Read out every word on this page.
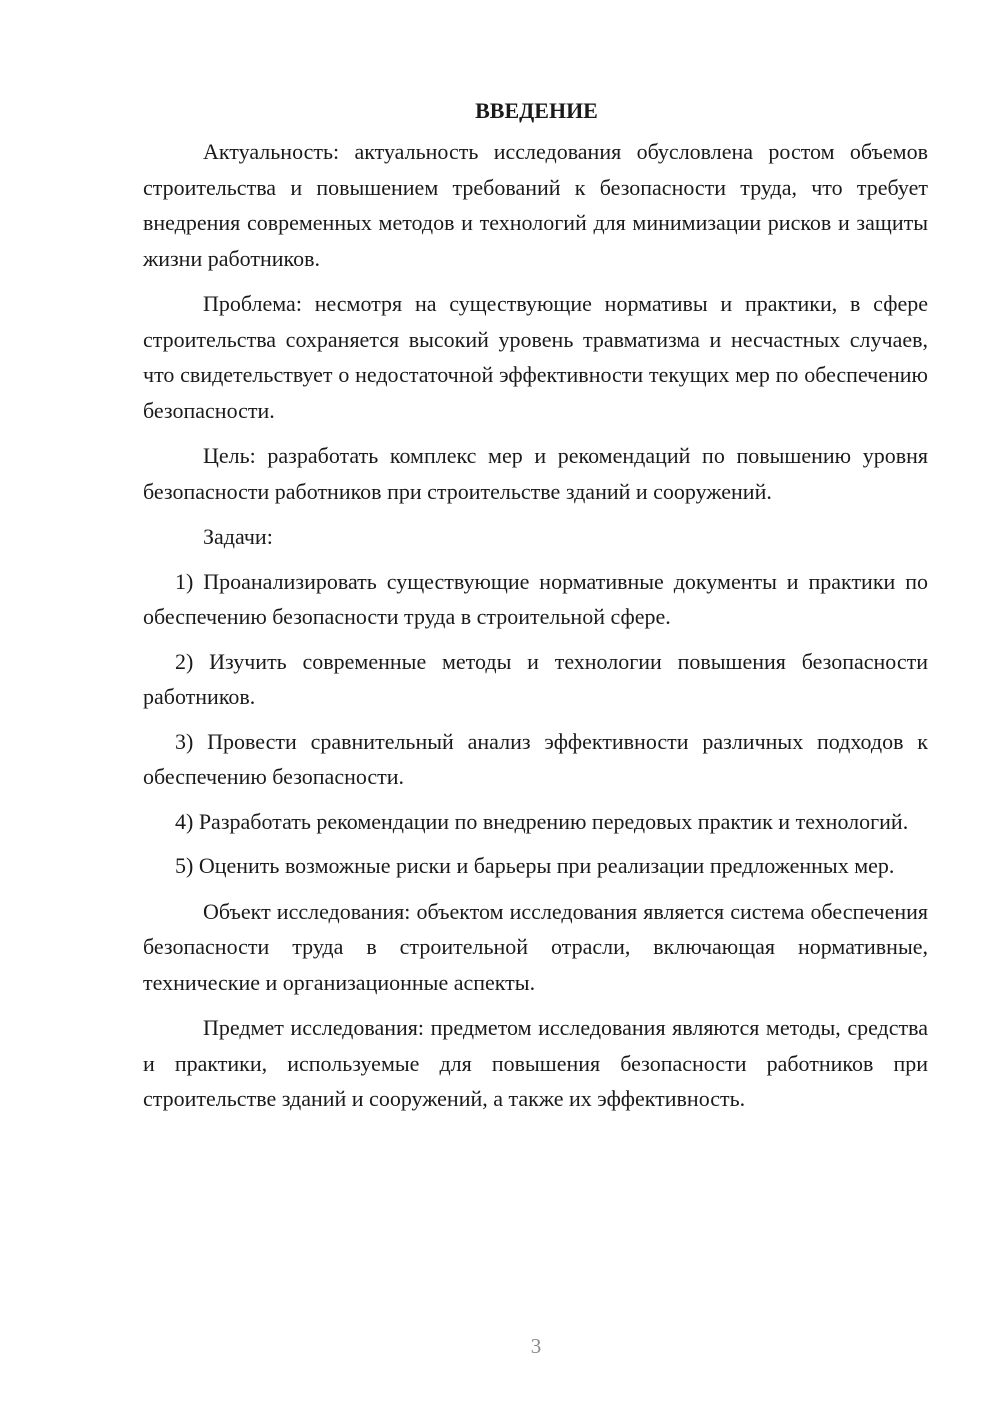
ВВЕДЕНИЕ

Актуальность: актуальность исследования обусловлена ростом объемов строительства и повышением требований к безопасности труда, что требует внедрения современных методов и технологий для минимизации рисков и защиты жизни работников.

Проблема: несмотря на существующие нормативы и практики, в сфере строительства сохраняется высокий уровень травматизма и несчастных случаев, что свидетельствует о недостаточной эффективности текущих мер по обеспечению безопасности.

Цель: разработать комплекс мер и рекомендаций по повышению уровня безопасности работников при строительстве зданий и сооружений.

Задачи:

1) Проанализировать существующие нормативные документы и практики по обеспечению безопасности труда в строительной сфере.

2) Изучить современные методы и технологии повышения безопасности работников.

3) Провести сравнительный анализ эффективности различных подходов к обеспечению безопасности.

4) Разработать рекомендации по внедрению передовых практик и технологий.

5) Оценить возможные риски и барьеры при реализации предложенных мер.

Объект исследования: объектом исследования является система обеспечения безопасности труда в строительной отрасли, включающая нормативные, технические и организационные аспекты.

Предмет исследования: предметом исследования являются методы, средства и практики, используемые для повышения безопасности работников при строительстве зданий и сооружений, а также их эффективность.

3
